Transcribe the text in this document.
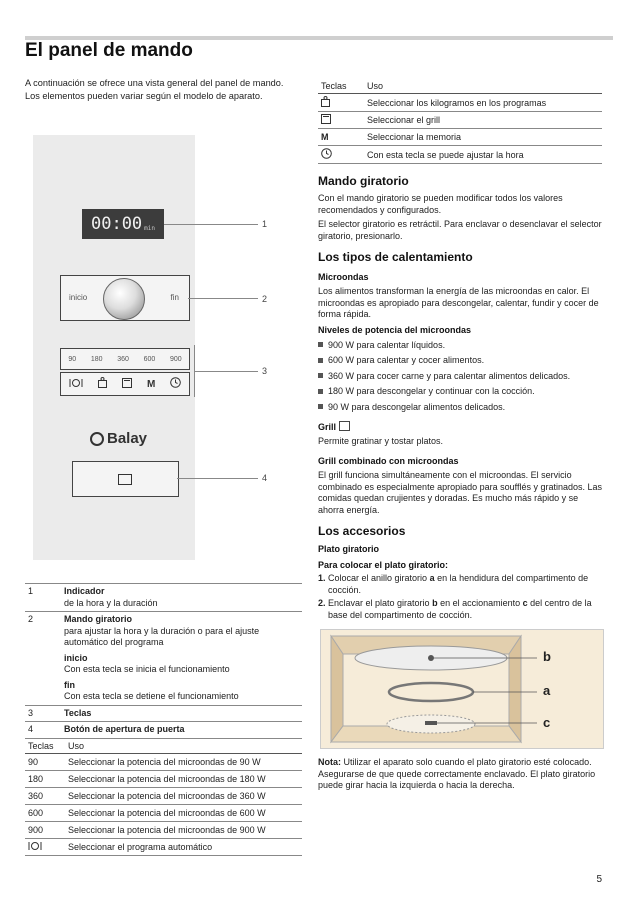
El panel de mando
A continuación se ofrece una vista general del panel de mando. Los elementos pueden variar según el modelo de aparato.
00:00 min
inicio	fin
90 180 360 600 900
M
Balay
1
2
3
4
1	Indicador
de la hora y la duración
2	Mando giratorio
para ajustar la hora y la duración o para el ajuste automático del programa
	inicio
Con esta tecla se inicia el funcionamiento
	fin
Con esta tecla se detiene el funcionamiento
3	Teclas
4	Botón de apertura de puerta
Teclas	Uso
90	Seleccionar la potencia del microondas de 90 W
180	Seleccionar la potencia del microondas de 180 W
360	Seleccionar la potencia del microondas de 360 W
600	Seleccionar la potencia del microondas de 600 W
900	Seleccionar la potencia del microondas de 900 W
	Seleccionar el programa automático
Teclas	Uso
	Seleccionar los kilogramos en los programas
	Seleccionar el grill
M	Seleccionar la memoria
	Con esta tecla se puede ajustar la hora
Mando giratorio
Con el mando giratorio se pueden modificar todos los valores recomendados y configurados.
El selector giratorio es retráctil. Para enclavar o desenclavar el selector giratorio, presionarlo.
Los tipos de calentamiento
Microondas
Los alimentos transforman la energía de las microondas en calor. El microondas es apropiado para descongelar, calentar, fundir y cocer de forma rápida.
Niveles de potencia del microondas
900 W para calentar líquidos.
600 W para calentar y cocer alimentos.
360 W para cocer carne y para calentar alimentos delicados.
180 W para descongelar y continuar con la cocción.
90 W para descongelar alimentos delicados.
Grill
Permite gratinar y tostar platos.
Grill combinado con microondas
El grill funciona simultáneamente con el microondas. El servicio combinado es especialmente apropiado para soufflés y gratinados. Las comidas quedan crujientes y doradas. Es mucho más rápido y se ahorra energía.
Los accesorios
Plato giratorio
Para colocar el plato giratorio:
1. Colocar el anillo giratorio a en la hendidura del compartimento de cocción.
2. Enclavar el plato giratorio b en el accionamiento c del centro de la base del compartimento de cocción.
b
a
c
Nota: Utilizar el aparato solo cuando el plato giratorio esté colocado. Asegurarse de que quede correctamente enclavado. El plato giratorio puede girar hacia la izquierda o hacia la derecha.
5
